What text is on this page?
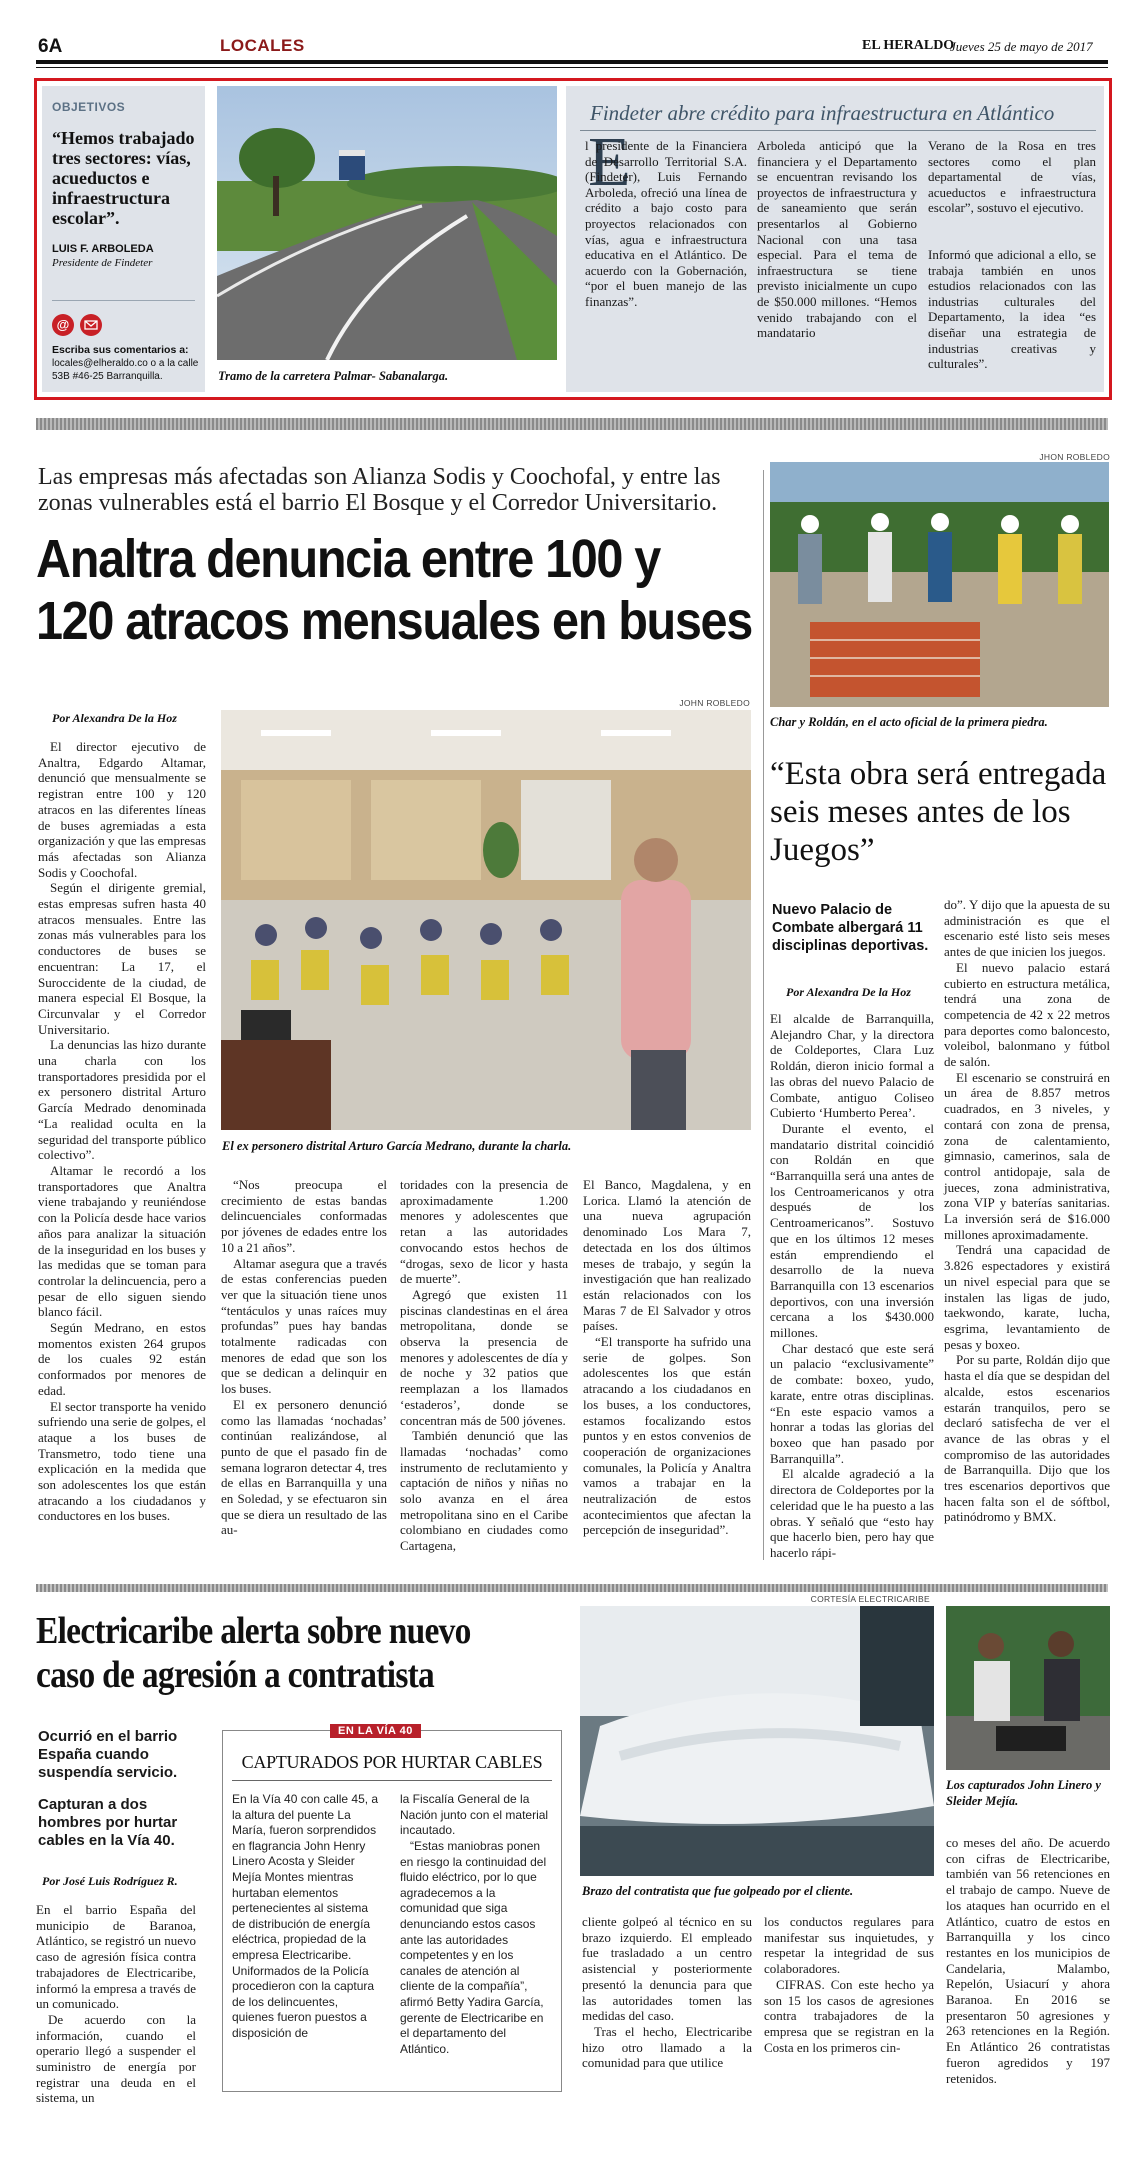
6A	LOCALES	EL HERALDO
Jueves 25 de mayo de 2017
OBJETIVOS
“Hemos trabajado tres sectores: vías, acueductos e infraestructura escolar”.
LUIS F. ARBOLEDA
Presidente de Findeter
@
Escriba sus comentarios a:
locales@elheraldo.co o a la calle 53B #46-25 Barranquilla.	Tramo de la carretera Palmar- Sabanalarga.
Findeter abre crédito para infraestructura en Atlántico
E
l presidente de la Financiera de Desarrollo Territorial S.A. (Findeter), Luis Fernando Arboleda, ofreció una línea de crédito a bajo costo para proyectos relacionados con vías, agua e infraestructura educativa en el Atlántico. De acuerdo con la Gobernación, “por el buen manejo de las finanzas”.
Arboleda anticipó que la financiera y el Departamento se encuentran revisando los proyectos de infraestructura y de saneamiento que serán presentarlos al Gobierno Nacional con una tasa especial. Para el tema de infraestructura se tiene previsto inicialmente un cupo de $50.000 millones. “Hemos venido trabajando con el mandatario
Verano de la Rosa en tres sectores como el plan departamental de vías, acueductos e infraestructura escolar”, sostuvo el ejecutivo.
Informó que adicional a ello, se trabaja también en unos estudios relacionados con las industrias culturales del Departamento, la idea “es diseñar una estrategia de industrias creativas y culturales”.
Las empresas más afectadas son Alianza Sodis y Coochofal, y entre las zonas vulnerables está el barrio El Bosque y el Corredor Universitario.
Analtra denuncia entre 100 y
120 atracos mensuales en buses
Por Alexandra De la Hoz

El director ejecutivo de Analtra, Edgardo Altamar, denunció que mensualmente se registran entre 100 y 120 atracos en las diferentes líneas de buses agremiadas a esta organización y que las empresas más afectadas son Alianza Sodis y Coochofal.

Según el dirigente gremial, estas empresas sufren hasta 40 atracos mensuales. Entre las zonas más vulnerables para los conductores de buses se encuentran: La 17, el Suroccidente de la ciudad, de manera especial El Bosque, la Circunvalar y el Corredor Universitario.

La denuncias las hizo durante una charla con los transportadores presidida por el ex personero distrital Arturo García Medrado denominada “La realidad oculta en la seguridad del transporte público colectivo”.

Altamar le recordó a los transportadores que Analtra viene trabajando y reuniéndose con la Policía desde hace varios años para analizar la situación de la inseguridad en los buses y las medidas que se toman para controlar la delincuencia, pero a pesar de ello siguen siendo blanco fácil.

Según Medrano, en estos momentos existen 264 grupos de los cuales 92 están conformados por menores de edad.

El sector transporte ha venido sufriendo una serie de golpes, el ataque a los buses de Transmetro, todo tiene una explicación en la medida que son adolescentes los que están atracando a los ciudadanos y conductores en los buses.

JOHN ROBLEDO
El ex personero distrital Arturo García Medrano, durante la charla.

“Nos preocupa el crecimiento de estas bandas delincuenciales conformadas por jóvenes de edades entre los 10 a 21 años”.

Altamar asegura que a través de estas conferencias pueden ver que la situación tiene unos “tentáculos y unas raíces muy profundas” pues hay bandas totalmente radicadas con menores de edad que son los que se dedican a delinquir en los buses.

El ex personero denunció como las llamadas ‘nochadas’ continúan realizándose, al punto de que el pasado fin de semana lograron detectar 4, tres de ellas en Barranquilla y una en Soledad, y se efectuaron sin que se diera un resultado de las au-

toridades con la presencia de aproximadamente 1.200 menores y adolescentes que retan a las autoridades convocando estos hechos de “drogas, sexo de licor y hasta de muerte”.

Agregó que existen 11 piscinas clandestinas en el área metropolitana, donde se observa la presencia de menores y adolescentes de día y de noche y 32 patios que reemplazan a los llamados ‘estaderos’, donde se concentran más de 500 jóvenes.

También denunció que las llamadas ‘nochadas’ como instrumento de reclutamiento y captación de niños y niñas no solo avanza en el área metropolitana sino en el Caribe colombiano en ciudades como Cartagena,

El Banco, Magdalena, y en Lorica. Llamó la atención de una nueva agrupación denominado Los Mara 7, detectada en los dos últimos meses de trabajo, y según la investigación que han realizado están relacionados con los Maras 7 de El Salvador y otros países.

“El transporte ha sufrido una serie de golpes. Son adolescentes los que están atracando a los ciudadanos en los buses, a los conductores, estamos focalizando estos puntos y en estos convenios de cooperación de organizaciones comunales, la Policía y Analtra vamos a trabajar en la neutralización de estos acontecimientos que afectan la percepción de inseguridad”.

JHON ROBLEDO
Char y Roldán, en el acto oficial de la primera piedra.
“Esta obra será entregada seis meses antes de los Juegos”
Nuevo Palacio de Combate albergará 11 disciplinas deportivas.
Por Alexandra De la Hoz

El alcalde de Barranquilla, Alejandro Char, y la directora de Coldeportes, Clara Luz Roldán, dieron inicio formal a las obras del nuevo Palacio de Combate, antiguo Coliseo Cubierto ‘Humberto Perea’.

Durante el evento, el mandatario distrital coincidió con Roldán en que “Barranquilla será una antes de los Centroamericanos y otra después de los Centroamericanos”. Sostuvo que en los últimos 12 meses están emprendiendo el desarrollo de la nueva Barranquilla con 13 escenarios deportivos, con una inversión cercana a los $430.000 millones.

Char destacó que este será un palacio “exclusivamente” de combate: boxeo, yudo, karate, entre otras disciplinas. “En este espacio vamos a honrar a todas las glorias del boxeo que han pasado por Barranquilla”.

El alcalde agradeció a la directora de Coldeportes por la celeridad que le ha puesto a las obras. Y señaló que “esto hay que hacerlo bien, pero hay que hacerlo rápi-

do”. Y dijo que la apuesta de su administración es que el escenario esté listo seis meses antes de que inicien los juegos.

El nuevo palacio estará cubierto en estructura metálica, tendrá una zona de competencia de 42 x 22 metros para deportes como baloncesto, voleibol, balonmano y fútbol de salón.

El escenario se construirá en un área de 8.857 metros cuadrados, en 3 niveles, y contará con zona de prensa, zona de calentamiento, gimnasio, camerinos, sala de control antidopaje, sala de jueces, zona administrativa, zona VIP y baterías sanitarias. La inversión será de $16.000 millones aproximadamente.

Tendrá una capacidad de 3.826 espectadores y existirá un nivel especial para que se instalen las ligas de judo, taekwondo, karate, lucha, esgrima, levantamiento de pesas y boxeo.

Por su parte, Roldán dijo que hasta el día que se despidan del alcalde, estos escenarios estarán tranquilos, pero se declaró satisfecha de ver el avance de las obras y el compromiso de las autoridades de Barranquilla. Dijo que los tres escenarios deportivos que hacen falta son el de sóftbol, patinódromo y BMX.

Electricaribe alerta sobre nuevo
caso de agresión a contratista
Ocurrió en el barrio España cuando suspendía servicio.
Capturan a dos hombres por hurtar cables en la Vía 40.
Por José Luis Rodríguez R.

En el barrio España del municipio de Baranoa, Atlántico, se registró un nuevo caso de agresión física contra trabajadores de Electricaribe, informó la empresa a través de un comunicado.

De acuerdo con la información, cuando el operario llegó a suspender el suministro de energía por registrar una deuda en el sistema, un

EN LA VÍA 40
CAPTURADOS POR HURTAR CABLES
En la Vía 40 con calle 45, a la altura del puente La María, fueron sorprendidos en flagrancia John Henry Linero Acosta y Sleider Mejía Montes mientras hurtaban elementos pertenecientes al sistema de distribución de energía eléctrica, propiedad de la empresa Electricaribe. Uniformados de la Policía procedieron con la captura de los delincuentes, quienes fueron puestos a disposición de
la Fiscalía General de la Nación junto con el material incautado.
“Estas maniobras ponen en riesgo la continuidad del fluido eléctrico, por lo que agradecemos a la comunidad que siga denunciando estos casos ante las autoridades competentes y en los canales de atención al cliente de la compañía”, afirmó Betty Yadira García, gerente de Electricaribe en el departamento del Atlántico.
CORTESÍA ELECTRICARIBE
Brazo del contratista que fue golpeado por el cliente.
Los capturados John Linero y Sleider Mejía.

cliente golpeó al técnico en su brazo izquierdo. El empleado fue trasladado a un centro asistencial y posteriormente presentó la denuncia para que las autoridades tomen las medidas del caso.

Tras el hecho, Electricaribe hizo otro llamado a la comunidad para que utilice

los conductos regulares para manifestar sus inquietudes, y respetar la integridad de sus colaboradores.

CIFRAS. Con este hecho ya son 15 los casos de agresiones contra trabajadores de la empresa que se registran en la Costa en los primeros cin-

co meses del año. De acuerdo con cifras de Electricaribe, también van 56 retenciones en el trabajo de campo. Nueve de los ataques han ocurrido en el Atlántico, cuatro de estos en Barranquilla y los cinco restantes en los municipios de Candelaria, Malambo, Repelón, Usiacurí y ahora Baranoa. En 2016 se presentaron 50 agresiones y 263 retenciones en la Región. En Atlántico 26 contratistas fueron agredidos y 197 retenidos.
